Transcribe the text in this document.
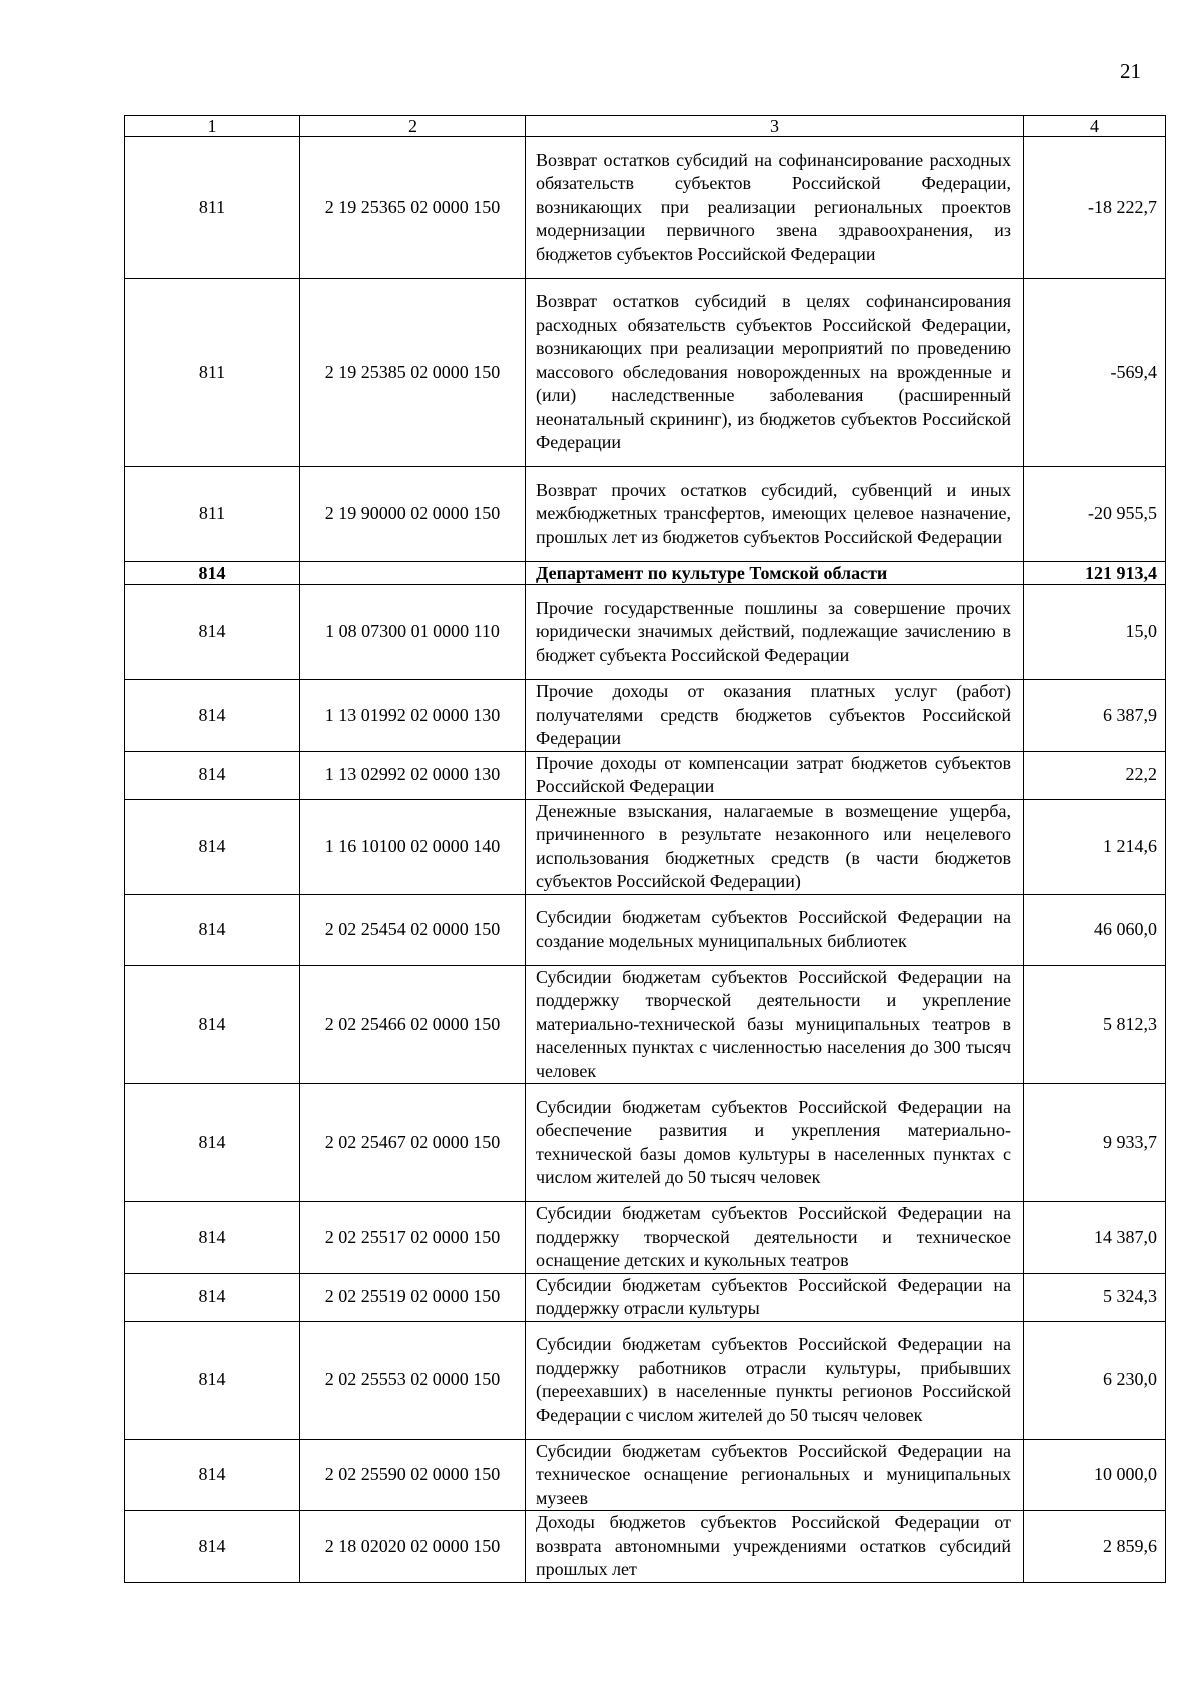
21
1	2	3	4
811	2 19 25365 02 0000 150	Возврат остатков субсидий на софинансирование расходных обязательств субъектов Российской Федерации, возникающих при реализации региональных проектов модернизации первичного звена здравоохранения, из бюджетов субъектов Российской Федерации	-18 222,7
811	2 19 25385 02 0000 150	Возврат остатков субсидий в целях софинансирования расходных обязательств субъектов Российской Федерации, возникающих при реализации мероприятий по проведению массового обследования новорожденных на врожденные и (или) наследственные заболевания (расширенный неонатальный скрининг), из бюджетов субъектов Российской Федерации	-569,4
811	2 19 90000 02 0000 150	Возврат прочих остатков субсидий, субвенций и иных межбюджетных трансфертов, имеющих целевое назначение, прошлых лет из бюджетов субъектов Российской Федерации	-20 955,5
814		Департамент по культуре Томской области	121 913,4
814	1 08 07300 01 0000 110	Прочие государственные пошлины за совершение прочих юридически значимых действий, подлежащие зачислению в бюджет субъекта Российской Федерации	15,0
814	1 13 01992 02 0000 130	Прочие доходы от оказания платных услуг (работ) получателями средств бюджетов субъектов Российской Федерации	6 387,9
814	1 13 02992 02 0000 130	Прочие доходы от компенсации затрат бюджетов субъектов Российской Федерации	22,2
814	1 16 10100 02 0000 140	Денежные взыскания, налагаемые в возмещение ущерба, причиненного в результате незаконного или нецелевого использования бюджетных средств (в части бюджетов субъектов Российской Федерации)	1 214,6
814	2 02 25454 02 0000 150	Субсидии бюджетам субъектов Российской Федерации на создание модельных муниципальных библиотек	46 060,0
814	2 02 25466 02 0000 150	Субсидии бюджетам субъектов Российской Федерации на поддержку творческой деятельности и укрепление материально-технической базы муниципальных театров в населенных пунктах с численностью населения до 300 тысяч человек	5 812,3
814	2 02 25467 02 0000 150	Субсидии бюджетам субъектов Российской Федерации на обеспечение развития и укрепления материально-технической базы домов культуры в населенных пунктах с числом жителей до 50 тысяч человек	9 933,7
814	2 02 25517 02 0000 150	Субсидии бюджетам субъектов Российской Федерации на поддержку творческой деятельности и техническое оснащение детских и кукольных театров	14 387,0
814	2 02 25519 02 0000 150	Субсидии бюджетам субъектов Российской Федерации на поддержку отрасли культуры	5 324,3
814	2 02 25553 02 0000 150	Субсидии бюджетам субъектов Российской Федерации на поддержку работников отрасли культуры, прибывших (переехавших) в населенные пункты регионов Российской Федерации с числом жителей до 50 тысяч человек	6 230,0
814	2 02 25590 02 0000 150	Субсидии бюджетам субъектов Российской Федерации на техническое оснащение региональных и муниципальных музеев	10 000,0
814	2 18 02020 02 0000 150	Доходы бюджетов субъектов Российской Федерации от возврата автономными учреждениями остатков субсидий прошлых лет	2 859,6
